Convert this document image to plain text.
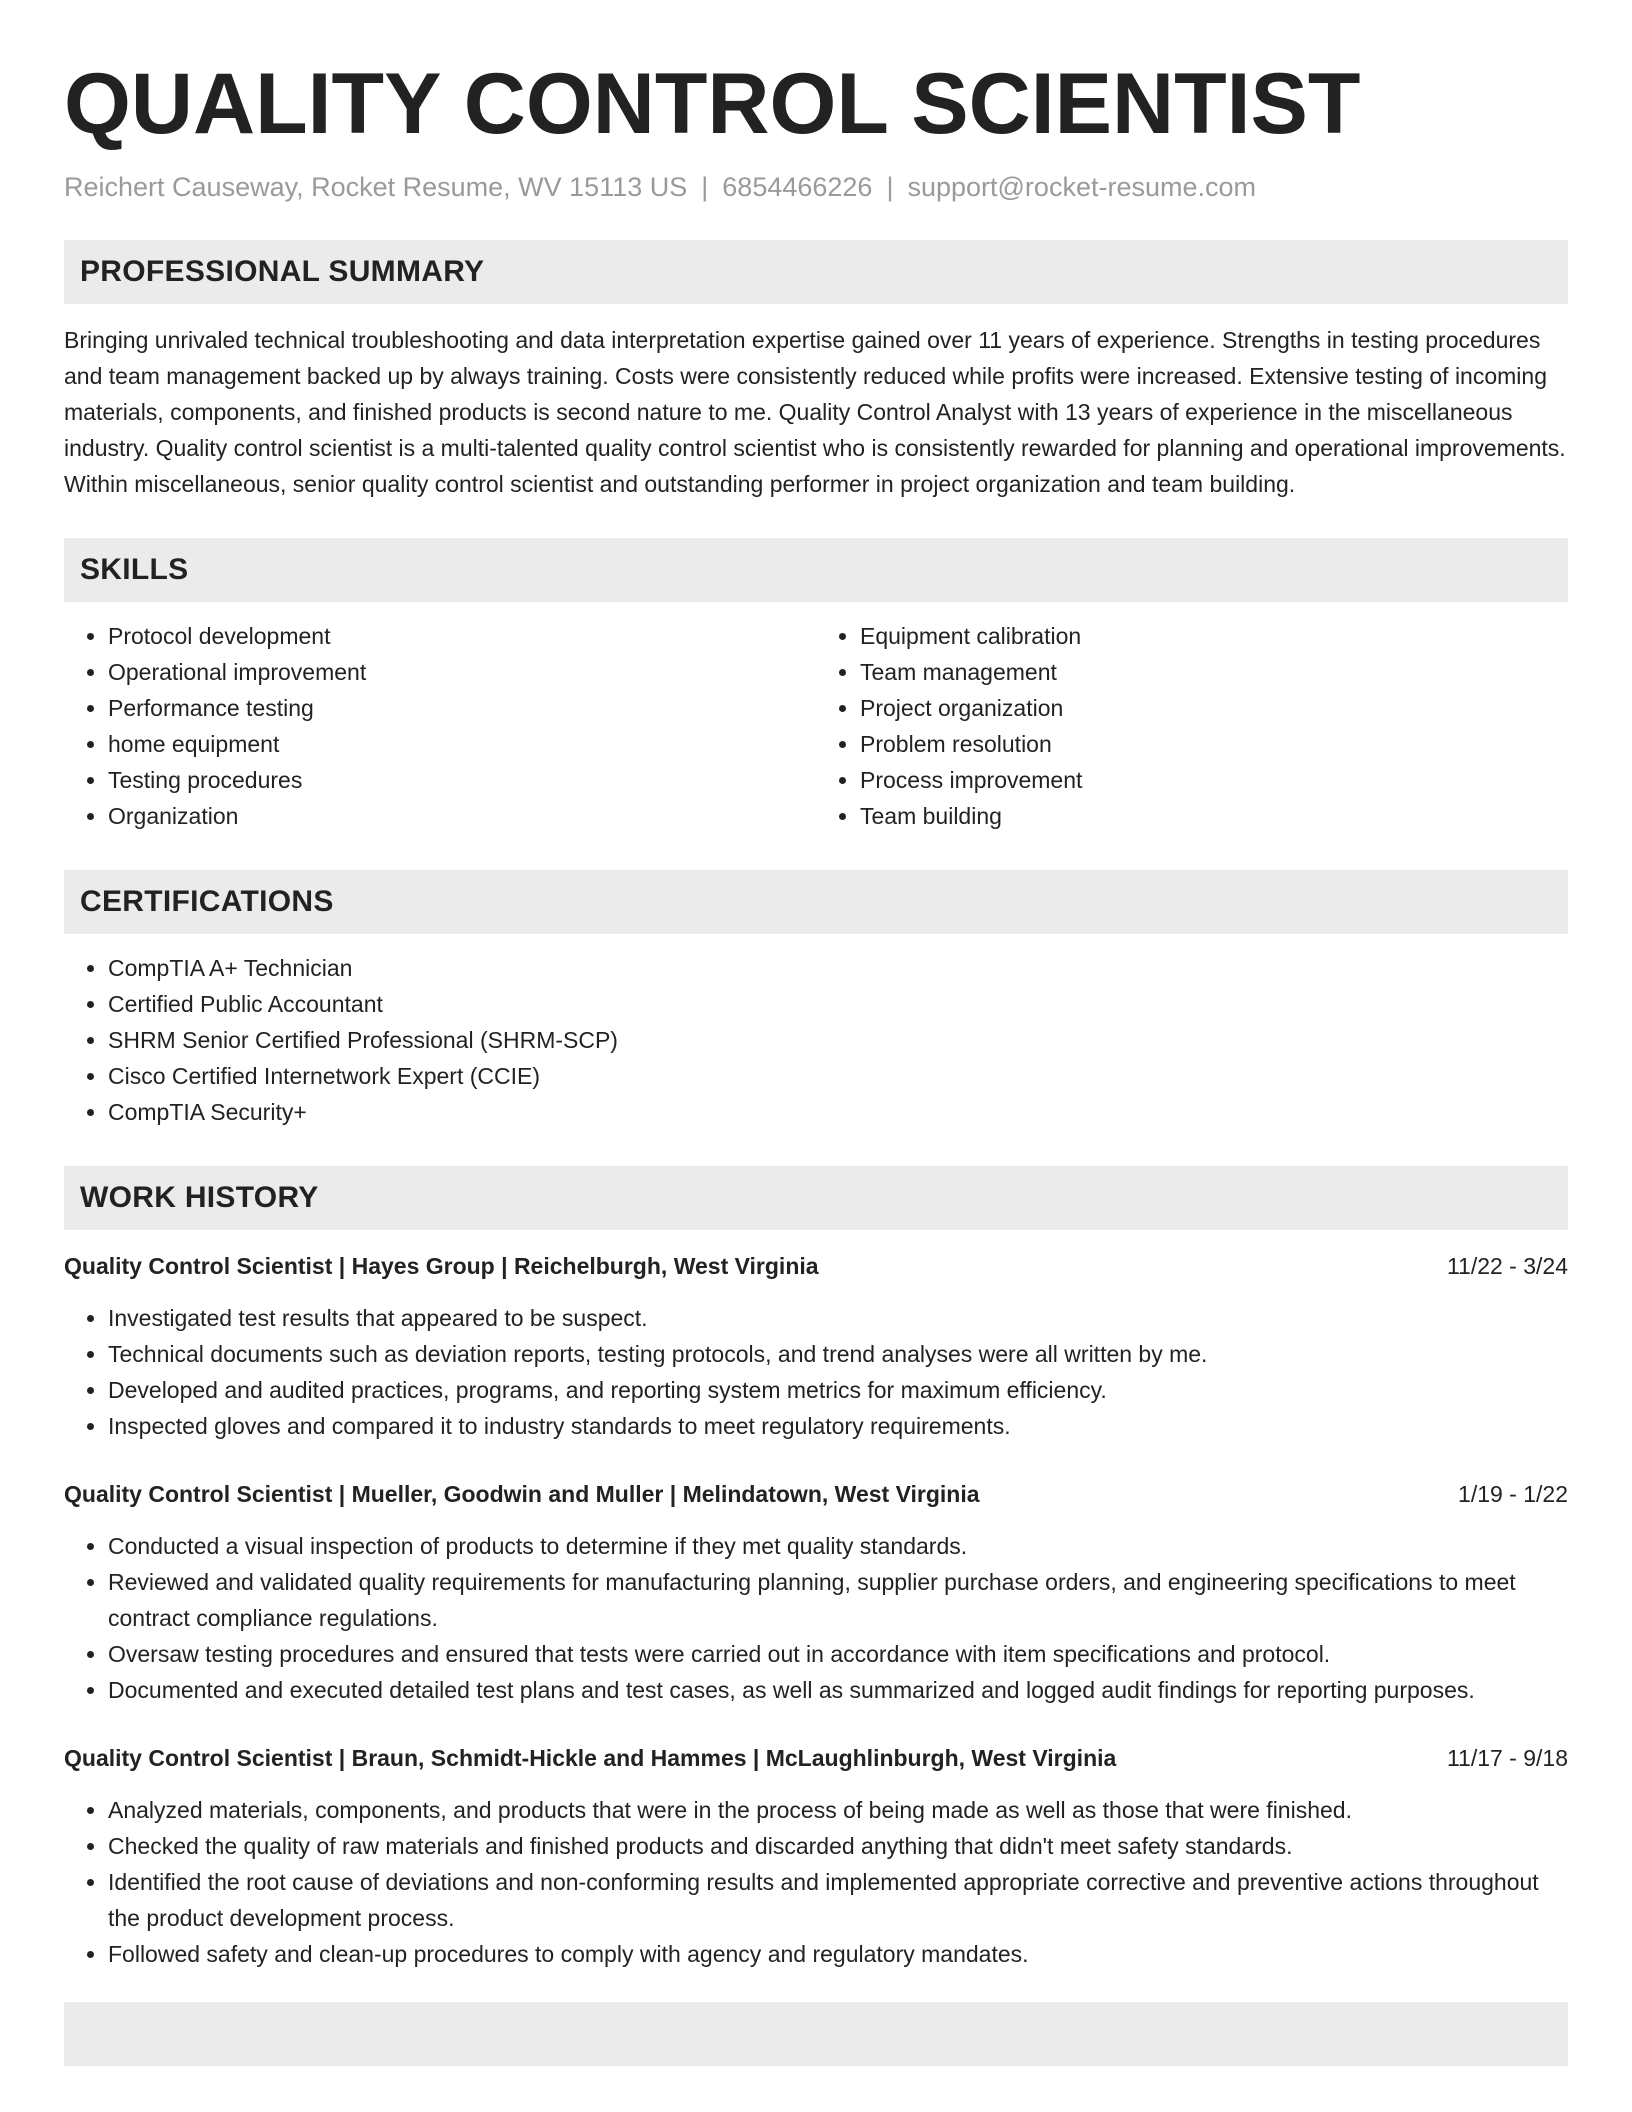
QUALITY CONTROL SCIENTIST
Reichert Causeway, Rocket Resume, WV 15113 US | 6854466226 | support@rocket-resume.com
PROFESSIONAL SUMMARY
Bringing unrivaled technical troubleshooting and data interpretation expertise gained over 11 years of experience. Strengths in testing procedures and team management backed up by always training. Costs were consistently reduced while profits were increased. Extensive testing of incoming materials, components, and finished products is second nature to me. Quality Control Analyst with 13 years of experience in the miscellaneous industry. Quality control scientist is a multi-talented quality control scientist who is consistently rewarded for planning and operational improvements. Within miscellaneous, senior quality control scientist and outstanding performer in project organization and team building.
SKILLS
• Protocol development
• Operational improvement
• Performance testing
• home equipment
• Testing procedures
• Organization
• Equipment calibration
• Team management
• Project organization
• Problem resolution
• Process improvement
• Team building
CERTIFICATIONS
• CompTIA A+ Technician
• Certified Public Accountant
• SHRM Senior Certified Professional (SHRM-SCP)
• Cisco Certified Internetwork Expert (CCIE)
• CompTIA Security+
WORK HISTORY
Quality Control Scientist | Hayes Group | Reichelburgh, West Virginia	11/22 - 3/24
• Investigated test results that appeared to be suspect.
• Technical documents such as deviation reports, testing protocols, and trend analyses were all written by me.
• Developed and audited practices, programs, and reporting system metrics for maximum efficiency.
• Inspected gloves and compared it to industry standards to meet regulatory requirements.
Quality Control Scientist | Mueller, Goodwin and Muller | Melindatown, West Virginia	1/19 - 1/22
• Conducted a visual inspection of products to determine if they met quality standards.
• Reviewed and validated quality requirements for manufacturing planning, supplier purchase orders, and engineering specifications to meet contract compliance regulations.
• Oversaw testing procedures and ensured that tests were carried out in accordance with item specifications and protocol.
• Documented and executed detailed test plans and test cases, as well as summarized and logged audit findings for reporting purposes.
Quality Control Scientist | Braun, Schmidt-Hickle and Hammes | McLaughlinburgh, West Virginia	11/17 - 9/18
• Analyzed materials, components, and products that were in the process of being made as well as those that were finished.
• Checked the quality of raw materials and finished products and discarded anything that didn't meet safety standards.
• Identified the root cause of deviations and non-conforming results and implemented appropriate corrective and preventive actions throughout the product development process.
• Followed safety and clean-up procedures to comply with agency and regulatory mandates.
